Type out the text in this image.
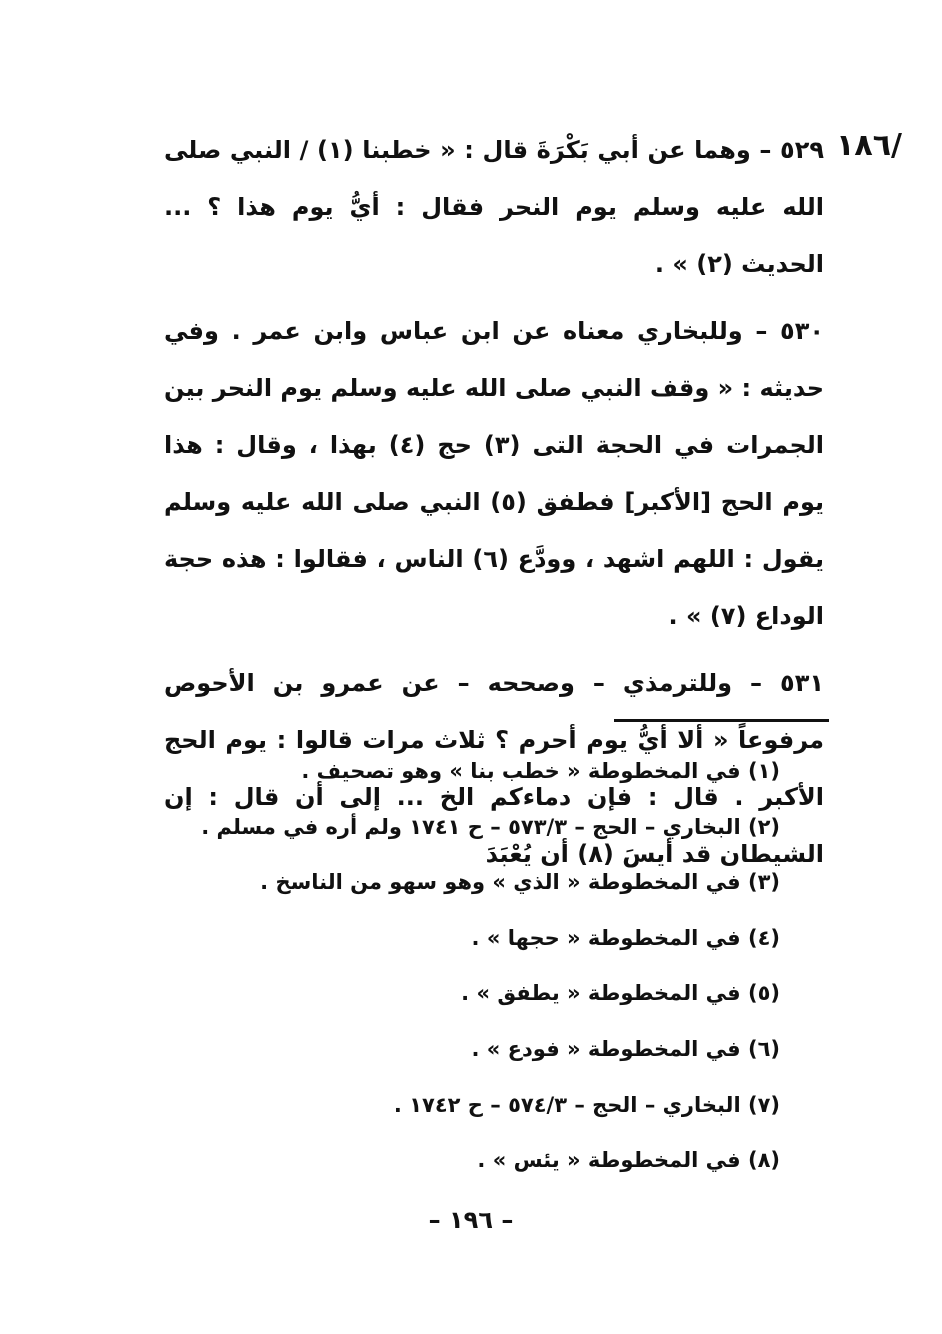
/١٨٦

٥٢٩ – وهما عن أبي بَكْرَةَ قال : « خطبنا (١) / النبي صلى الله عليه وسلم يوم النحر فقال : أيُّ يوم هذا ؟ ... الحديث (٢) » .

٥٣٠ – وللبخاري معناه عن ابن عباس وابن عمر . وفي حديثه : « وقف النبي صلى الله عليه وسلم يوم النحر بين الجمرات في الحجة التى (٣) حج (٤) بهذا ، وقال : هذا يوم الحج [الأكبر] فطفق (٥) النبي صلى الله عليه وسلم يقول : اللهم اشهد ، وودَّع (٦) الناس ، فقالوا : هذه حجة الوداع (٧) » .

٥٣١ – وللترمذي – وصححه – عن عمرو بن الأحوص مرفوعاً « ألا أيُّ يوم أحرم ؟ ثلاث مرات قالوا : يوم الحج الأكبر . قال : فإن دماءكم الخ ... إلى أن قال : إن الشيطان قد أيسَ (٨) أن يُعْبَدَ

(١) في المخطوطة « خطب بنا » وهو تصحيف .
(٢) البخاري – الحج – ٥٧٣/٣ – ح ١٧٤١ ولم أره في مسلم .
(٣) في المخطوطة « الذي » وهو سهو من الناسخ .
(٤) في المخطوطة « حجها » .
(٥) في المخطوطة « يطفق » .
(٦) في المخطوطة « فودع » .
(٧) البخاري – الحج – ٥٧٤/٣ – ح ١٧٤٢ .
(٨) في المخطوطة « يئس » .
– ١٩٦ –
